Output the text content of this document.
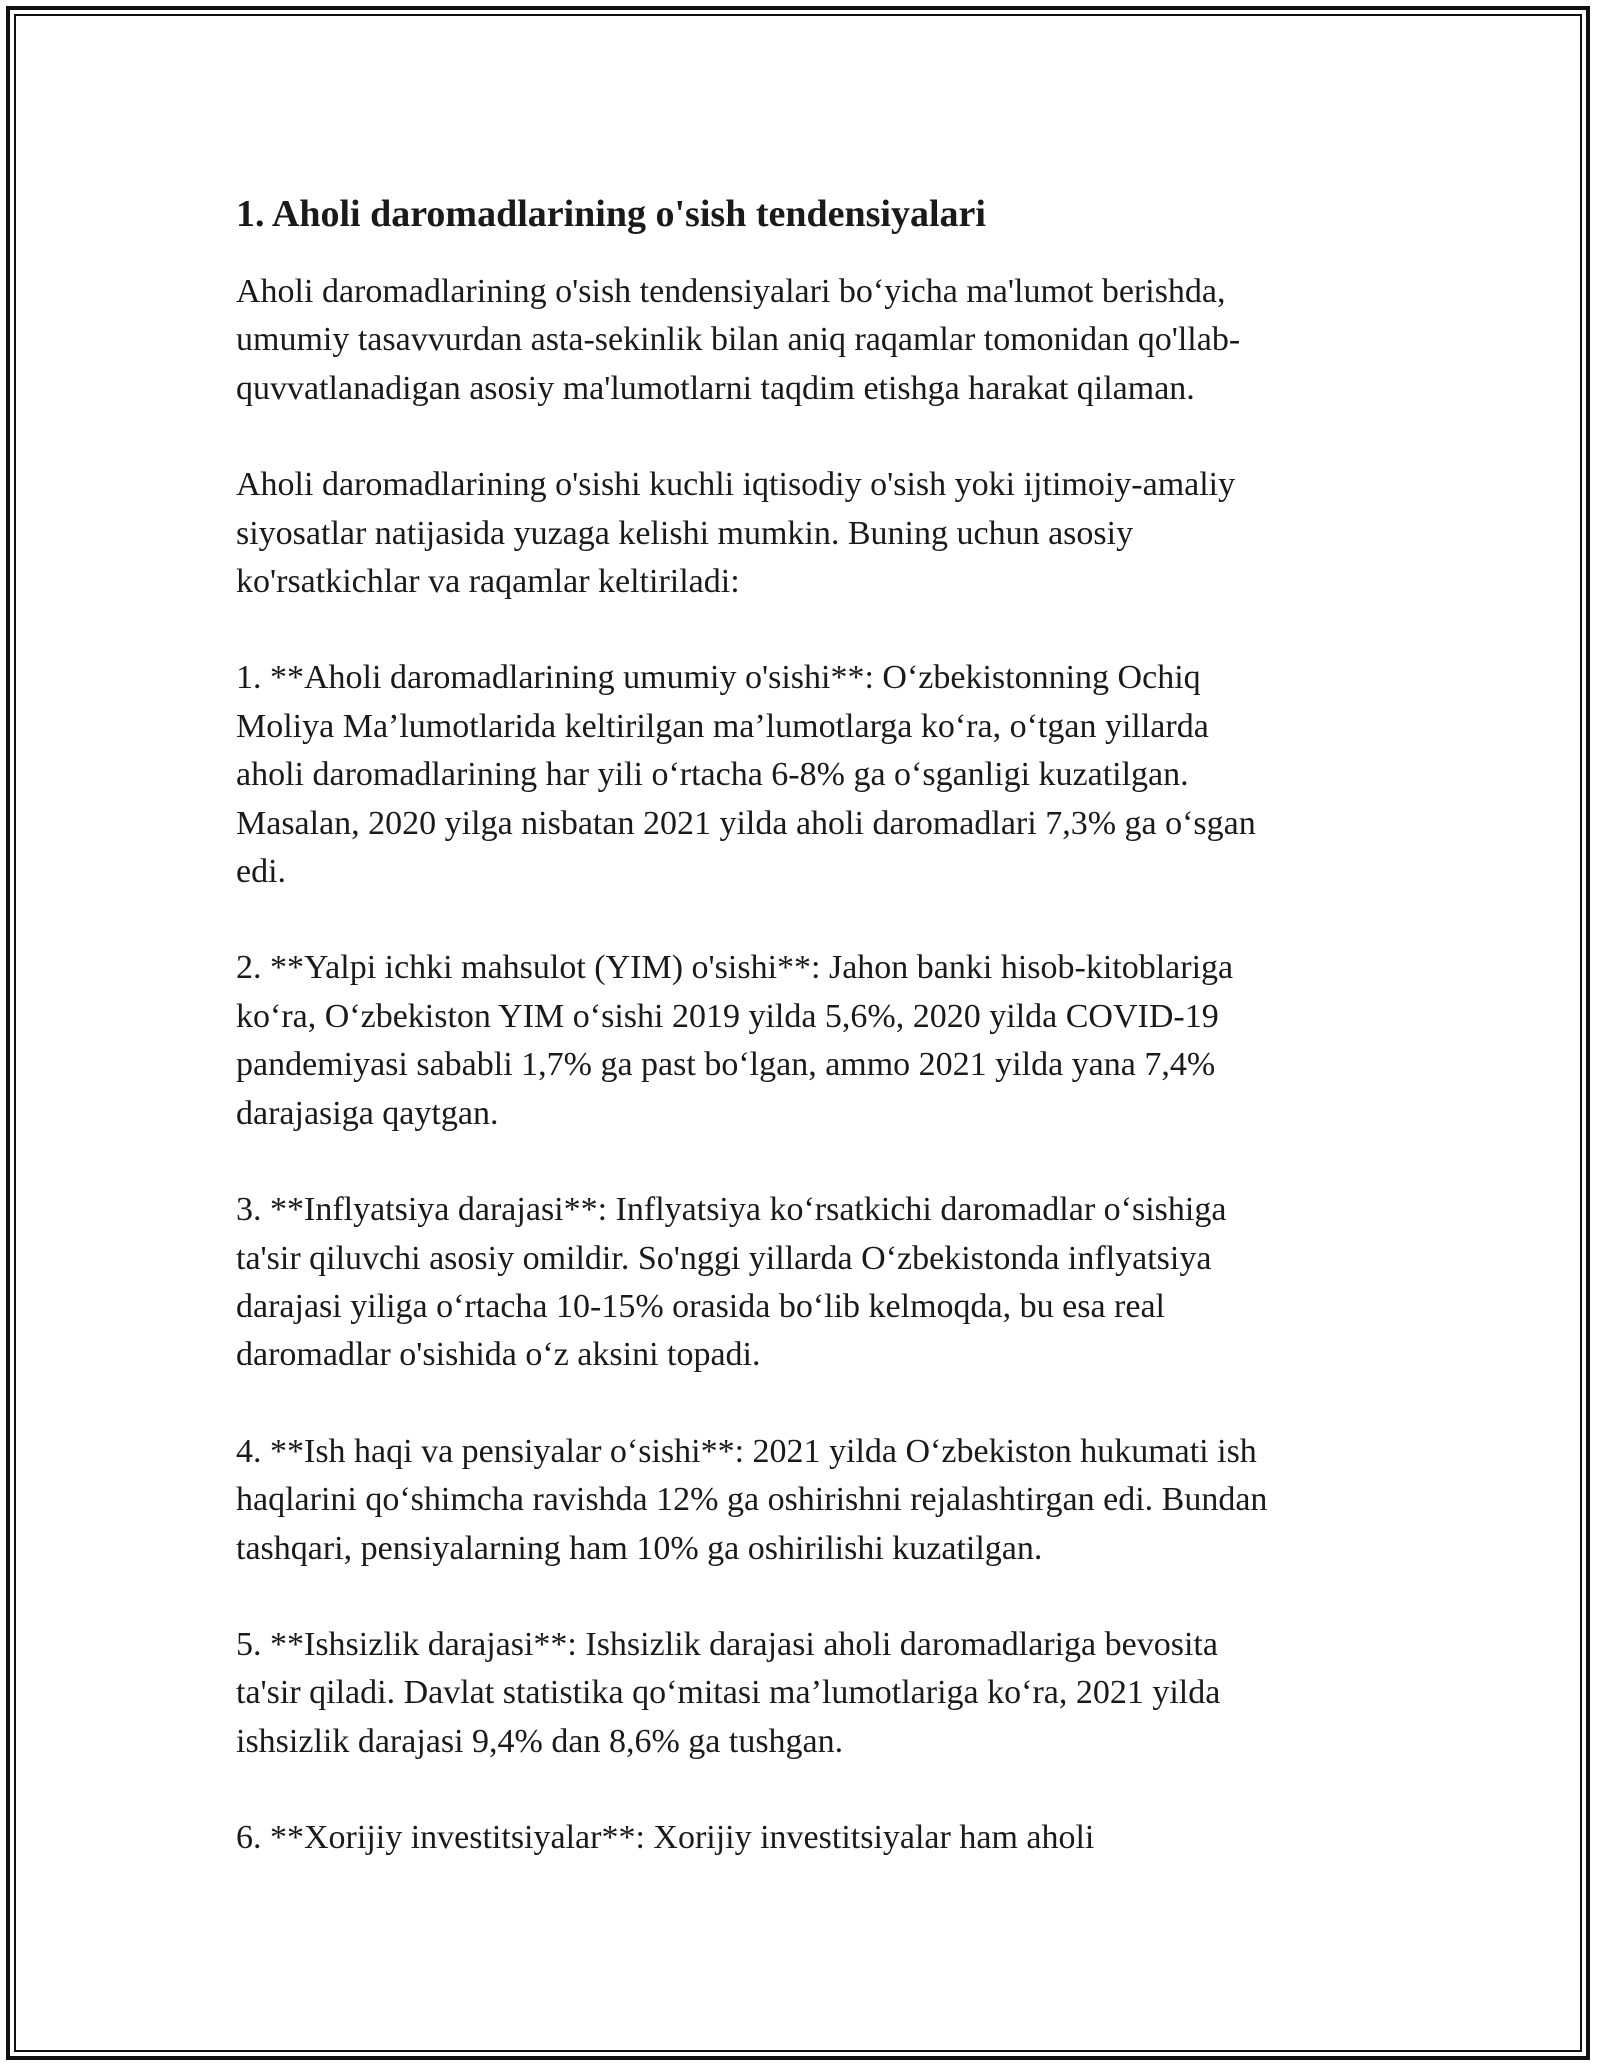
1. Aholi daromadlarining o'sish tendensiyalari

Aholi daromadlarining o'sish tendensiyalari bo‘yicha ma'lumot berishda,
umumiy tasavvurdan asta-sekinlik bilan aniq raqamlar tomonidan qo'llab-
quvvatlanadigan asosiy ma'lumotlarni taqdim etishga harakat qilaman.

Aholi daromadlarining o'sishi kuchli iqtisodiy o'sish yoki ijtimoiy-amaliy
siyosatlar natijasida yuzaga kelishi mumkin. Buning uchun asosiy
ko'rsatkichlar va raqamlar keltiriladi:

1. **Aholi daromadlarining umumiy o'sishi**: O‘zbekistonning Ochiq
Moliya Ma’lumotlarida keltirilgan ma’lumotlarga ko‘ra, o‘tgan yillarda
aholi daromadlarining har yili o‘rtacha 6-8% ga o‘sganligi kuzatilgan.
Masalan, 2020 yilga nisbatan 2021 yilda aholi daromadlari 7,3% ga o‘sgan
edi.

2. **Yalpi ichki mahsulot (YIM) o'sishi**: Jahon banki hisob-kitoblariga
ko‘ra, O‘zbekiston YIM o‘sishi 2019 yilda 5,6%, 2020 yilda COVID-19
pandemiyasi sababli 1,7% ga past bo‘lgan, ammo 2021 yilda yana 7,4%
darajasiga qaytgan.

3. **Inflyatsiya darajasi**: Inflyatsiya ko‘rsatkichi daromadlar o‘sishiga
ta'sir qiluvchi asosiy omildir. So'nggi yillarda O‘zbekistonda inflyatsiya
darajasi yiliga o‘rtacha 10-15% orasida bo‘lib kelmoqda, bu esa real
daromadlar o'sishida o‘z aksini topadi.

4. **Ish haqi va pensiyalar o‘sishi**: 2021 yilda O‘zbekiston hukumati ish
haqlarini qo‘shimcha ravishda 12% ga oshirishni rejalashtirgan edi. Bundan
tashqari, pensiyalarning ham 10% ga oshirilishi kuzatilgan.

5. **Ishsizlik darajasi**: Ishsizlik darajasi aholi daromadlariga bevosita
ta'sir qiladi. Davlat statistika qo‘mitasi ma’lumotlariga ko‘ra, 2021 yilda
ishsizlik darajasi 9,4% dan 8,6% ga tushgan.

6. **Xorijiy investitsiyalar**: Xorijiy investitsiyalar ham aholi
